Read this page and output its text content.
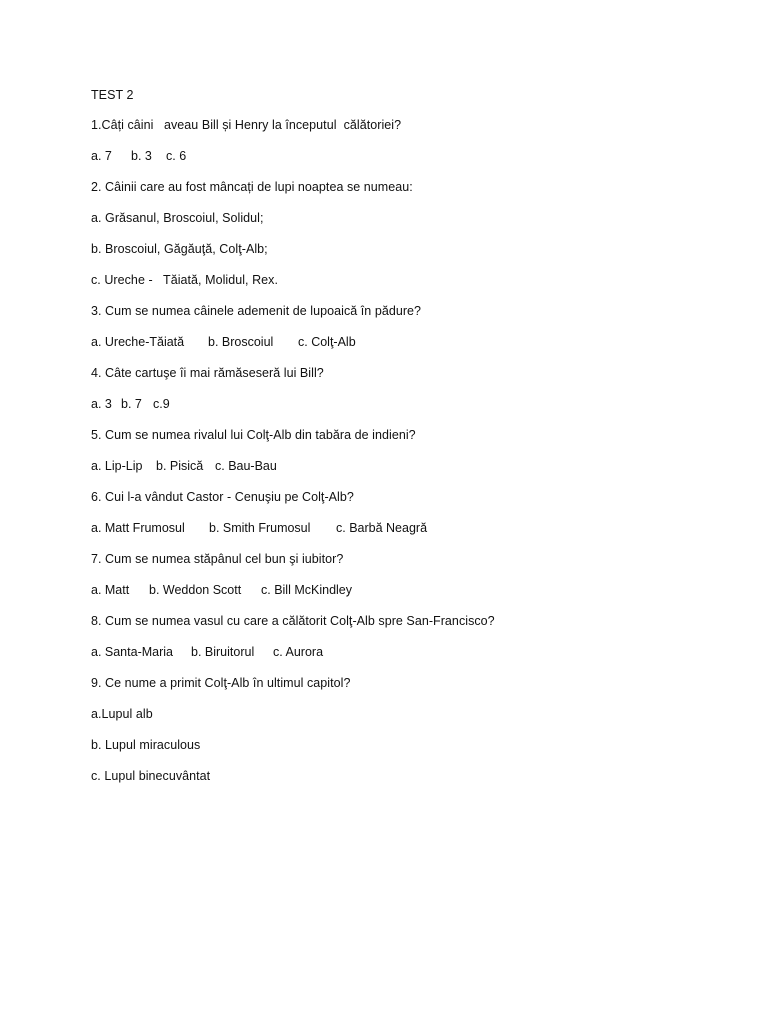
TEST 2
1.Câți câini   aveau Bill și Henry la începutul  călătoriei?

a. 7

b. 3

c. 6

2. Câinii care au fost mâncați de lupi noaptea se numeau:
a. Grăsanul, Broscoiul, Solidul;
b. Broscoiul, Găgăuţă, Colţ-Alb;
c. Ureche -   Tăiată, Molidul, Rex.
3. Cum se numea câinele ademenit de lupoaică în pădure?

a. Ureche-Tăiată

b. Broscoiul

c. Colţ-Alb

4. Câte cartuşe îi mai rămăseseră lui Bill?

a. 3

b. 7

c.9

5. Cum se numea rivalul lui Colţ-Alb din tabăra de indieni?

a. Lip-Lip

b. Pisică

c. Bau-Bau

6. Cui l-a vândut Castor - Cenuşiu pe Colţ-Alb?

a. Matt Frumosul

b. Smith Frumosul

c. Barbă Neagră

7. Cum se numea stăpânul cel bun şi iubitor?

a. Matt

b. Weddon Scott

c. Bill McKindley

8. Cum se numea vasul cu care a călătorit Colţ-Alb spre San-Francisco?

a. Santa-Maria

b. Biruitorul

c. Aurora

9. Ce nume a primit Colţ-Alb în ultimul capitol?
a.Lupul alb
b. Lupul miraculous
c. Lupul binecuvântat
